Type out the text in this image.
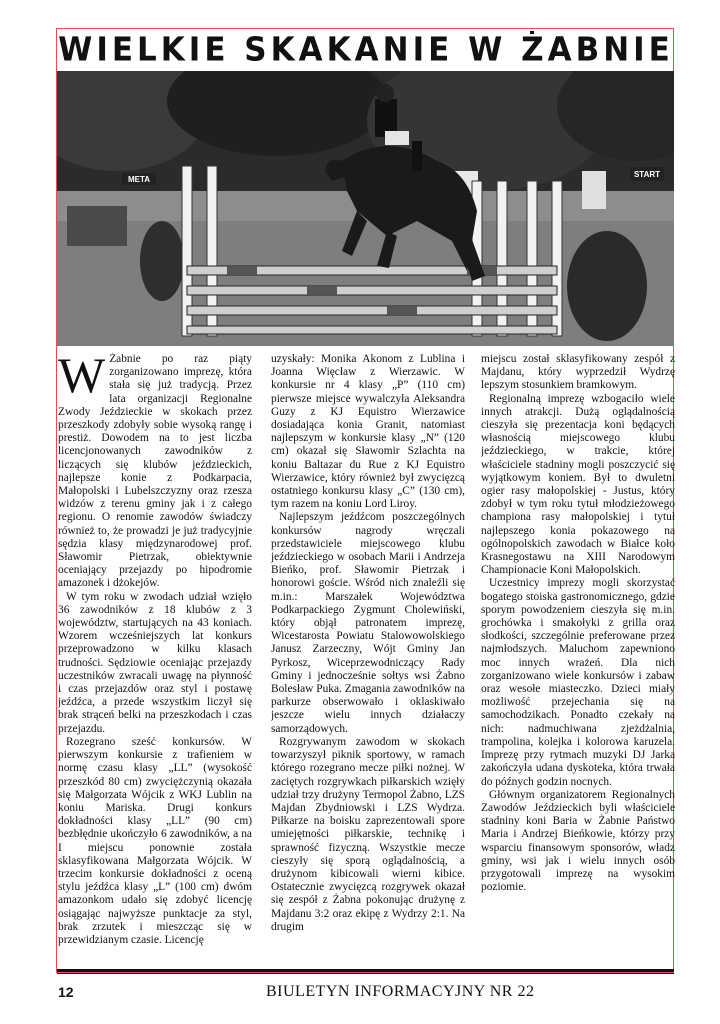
WIELKIE SKAKANIE W ŻABNIE
META
START
W Żabnie po raz piąty zorganizowano imprezę, która stała się już tradycją. Przez lata organizacji Regionalne Zwody Jeździeckie w skokach przez przeszkody zdobyły sobie wysoką rangę i prestiż. Dowodem na to jest liczba licencjonowanych zawodników z liczących się klubów jeździeckich, najlepsze konie z Podkarpacia, Małopolski i Lubelszczyzny oraz rzesza widzów z terenu gminy jak i z całego regionu. O renomie zawodów świadczy również to, że prowadzi je już tradycyjnie sędzia klasy międzynarodowej prof. Sławomir Pietrzak, obiektywnie oceniający przejazdy po hipodromie amazonek i dżokejów.

W tym roku w zwodach udział wzięło 36 zawodników z 18 klubów z 3 województw, startujących na 43 koniach. Wzorem wcześniejszych lat konkurs przeprowadzono w kilku klasach trudności. Sędziowie oceniając przejazdy uczestników zwracali uwagę na płynność i czas przejazdów oraz styl i postawę jeźdźca, a przede wszystkim liczył się brak strąceń belki na przeszkodach i czas przejazdu.

Rozegrano sześć konkursów. W pierwszym konkursie z trafieniem w normę czasu klasy „LL” (wysokość przeszkód 80 cm) zwyciężczynią okazała się Małgorzata Wójcik z WKJ Lublin na koniu Mariska. Drugi konkurs dokładności klasy „LL” (90 cm) bezbłędnie ukończyło 6 zawodników, a na I miejscu ponownie została sklasyfikowana Małgorzata Wójcik. W trzecim konkursie dokładności z oceną stylu jeźdźca klasy „L” (100 cm) dwóm amazonkom udało się zdobyć licencję osiągając najwyższe punktacje za styl, brak zrzutek i mieszcząc się w przewidzianym czasie. Licencję

uzyskały: Monika Akonom z Lublina i Joanna Więcław z Wierzawic. W konkursie nr 4 klasy „P” (110 cm) pierwsze miejsce wywalczyła Aleksandra Guzy z KJ Equistro Wierzawice dosiadająca konia Granit, natomiast najlepszym w konkursie klasy „N” (120 cm) okazał się Sławomir Szlachta na koniu Baltazar du Rue z KJ Equistro Wierzawice, który również był zwycięzcą ostatniego konkursu klasy „C” (130 cm), tym razem na koniu Lord Liroy.

Najlepszym jeźdźcom poszczególnych konkursów nagrody wręczali przedstawiciele miejscowego klubu jeździeckiego w osobach Marii i Andrzeja Bieńko, prof. Sławomir Pietrzak i honorowi goście. Wśród nich znaleźli się m.in.: Marszałek Województwa Podkarpackiego Zygmunt Cholewiński, który objął patronatem imprezę, Wicestarosta Powiatu Stalowowolskiego Janusz Zarzeczny, Wójt Gminy Jan Pyrkosz, Wiceprzewodniczący Rady Gminy i jednocześnie sołtys wsi Żabno Bolesław Puka. Zmagania zawodników na parkurze obserwowało i oklaskiwało jeszcze wielu innych działaczy samorządowych.

Rozgrywanym zawodom w skokach towarzyszył piknik sportowy, w ramach którego rozegrano mecze piłki nożnej. W zaciętych rozgrywkach piłkarskich wzięły udział trzy drużyny Termopol Żabno, LZS Majdan Zbydniowski i LZS Wydrza. Piłkarze na boisku zaprezentowali spore umiejętności piłkarskie, technikę i sprawność fizyczną. Wszystkie mecze cieszyły się sporą oglądalnością, a drużynom kibicowali wierni kibice. Ostatecznie zwycięzcą rozgrywek okazał się zespół z Żabna pokonując drużynę z Majdanu 3:2 oraz ekipę z Wydrzy 2:1. Na drugim

miejscu został sklasyfikowany zespół z Majdanu, który wyprzedził Wydrzę lepszym stosunkiem bramkowym.

Regionalną imprezę wzbogaciło wiele innych atrakcji. Dużą oglądalnością cieszyła się prezentacja koni będących własnością miejscowego klubu jeździeckiego, w trakcie, której właściciele stadniny mogli poszczycić się wyjątkowym koniem. Był to dwuletni ogier rasy małopolskiej - Justus, który zdobył w tym roku tytuł młodzieżowego championa rasy małopolskiej i tytuł najlepszego konia pokazowego na ogólnopolskich zawodach w Białce koło Krasnegostawu na XIII Narodowym Championacie Koni Małopolskich.

Uczestnicy imprezy mogli skorzystać bogatego stoiska gastronomicznego, gdzie sporym powodzeniem cieszyła się m.in. grochówka i smakołyki z grilla oraz słodkości, szczególnie preferowane przez najmłodszych. Maluchom zapewniono moc innych wrażeń. Dla nich zorganizowano wiele konkursów i zabaw oraz wesołe miasteczko. Dzieci miały możliwość przejechania się na samochodzikach. Ponadto czekały na nich: nadmuchiwana zjeżdżalnia, trampolina, kolejka i kolorowa karuzela. Imprezę przy rytmach muzyki DJ Jarka zakończyła udana dyskoteka, która trwała do późnych godzin nocnych.

Głównym organizatorem Regionalnych Zawodów Jeździeckich byli właściciele stadniny koni Baria w Żabnie Państwo Maria i Andrzej Bieńkowie, którzy przy wsparciu finansowym sponsorów, władz gminy, wsi jak i wielu innych osób przygotowali imprezę na wysokim poziomie.

12	BIULETYN INFORMACYJNY NR 22
